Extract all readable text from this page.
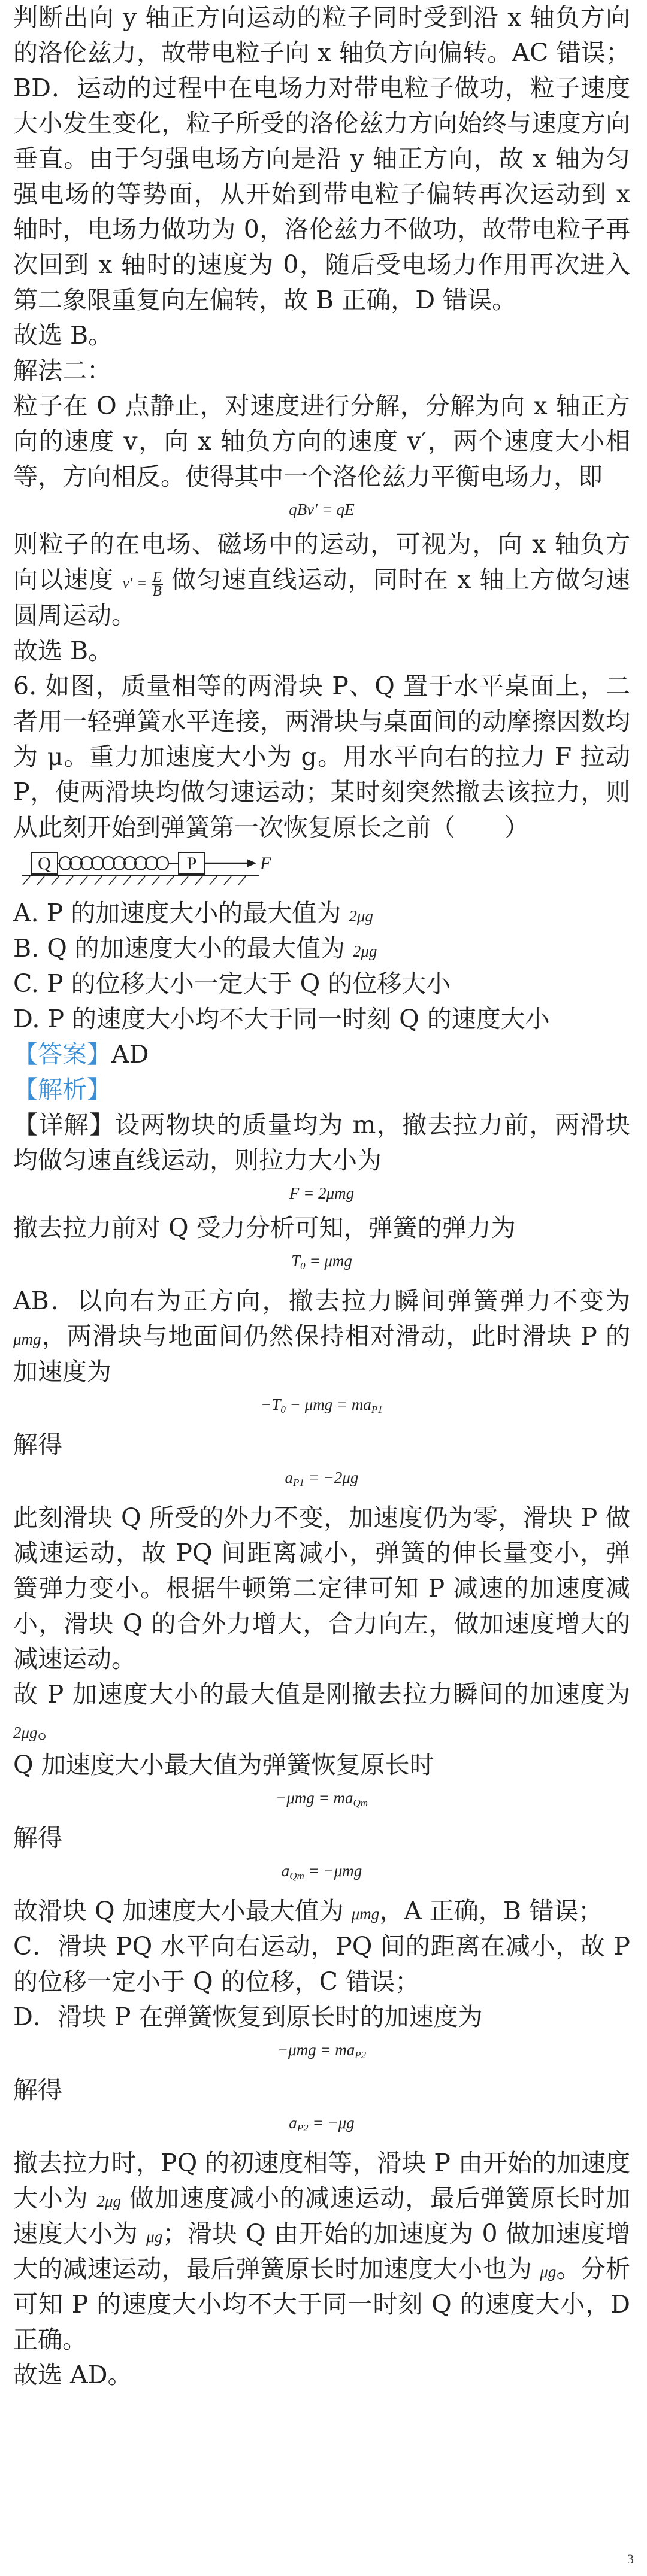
判断出向 y 轴正方向运动的粒子同时受到沿 x 轴负方向的洛伦兹力，故带电粒子向 x 轴负方向偏转。AC 错误；BD．运动的过程中在电场力对带电粒子做功，粒子速度大小发生变化，粒子所受的洛伦兹力方向始终与速度方向垂直。由于匀强电场方向是沿 y 轴正方向，故 x 轴为匀强电场的等势面，从开始到带电粒子偏转再次运动到 x 轴时，电场力做功为 0，洛伦兹力不做功，故带电粒子再次回到 x 轴时的速度为 0，随后受电场力作用再次进入第二象限重复向左偏转，故 B 正确，D 错误。

故选 B。

解法二：

粒子在 O 点静止，对速度进行分解，分解为向 x 轴正方向的速度 v，向 x 轴负方向的速度 v′，两个速度大小相等，方向相反。使得其中一个洛伦兹力平衡电场力，即

qBv′ = qE

则粒子的在电场、磁场中的运动，可视为，向 x 轴负方向以速度 $v' = \frac{E}{B}$ 做匀速直线运动，同时在 x 轴上方做匀速圆周运动。

故选 B。

6. 如图，质量相等的两滑块 P、Q 置于水平桌面上，二者用一轻弹簧水平连接，两滑块与桌面间的动摩擦因数均为 μ。重力加速度大小为 g。用水平向右的拉力 F 拉动 P，使两滑块均做匀速运动；某时刻突然撤去该拉力，则从此刻开始到弹簧第一次恢复原长之前（　　）

Q	P	F

A. P 的加速度大小的最大值为 2μg

B. Q 的加速度大小的最大值为 2μg

C. P 的位移大小一定大于 Q 的位移大小

D. P 的速度大小均不大于同一时刻 Q 的速度大小

【答案】AD

【解析】

【详解】设两物块的质量均为 m，撤去拉力前，两滑块均做匀速直线运动，则拉力大小为

F = 2μmg

撤去拉力前对 Q 受力分析可知，弹簧的弹力为

$T_0 = \mu mg$

AB．以向右为正方向，撤去拉力瞬间弹簧弹力不变为 μmg，两滑块与地面间仍然保持相对滑动，此时滑块 P 的加速度为

$-T_0 - \mu mg = ma_{P1}$

解得

$a_{P1} = -2\mu g$

此刻滑块 Q 所受的外力不变，加速度仍为零，滑块 P 做减速运动，故 PQ 间距离减小，弹簧的伸长量变小，弹簧弹力变小。根据牛顿第二定律可知 P 减速的加速度减小，滑块 Q 的合外力增大，合力向左，做加速度增大的减速运动。

故 P 加速度大小的最大值是刚撤去拉力瞬间的加速度为 2μg。

Q 加速度大小最大值为弹簧恢复原长时

$-\mu mg = ma_{Qm}$

解得

$a_{Qm} = -\mu mg$

故滑块 Q 加速度大小最大值为 μmg，A 正确，B 错误；

C．滑块 PQ 水平向右运动，PQ 间的距离在减小，故 P 的位移一定小于 Q 的位移，C 错误；

D．滑块 P 在弹簧恢复到原长时的加速度为

$-\mu mg = ma_{P2}$

解得

$a_{P2} = -\mu g$

撤去拉力时，PQ 的初速度相等，滑块 P 由开始的加速度大小为 2μg 做加速度减小的减速运动，最后弹簧原长时加速度大小为 μg；滑块 Q 由开始的加速度为 0 做加速度增大的减速运动，最后弹簧原长时加速度大小也为 μg。分析可知 P 的速度大小均不大于同一时刻 Q 的速度大小，D 正确。

故选 AD。

3
